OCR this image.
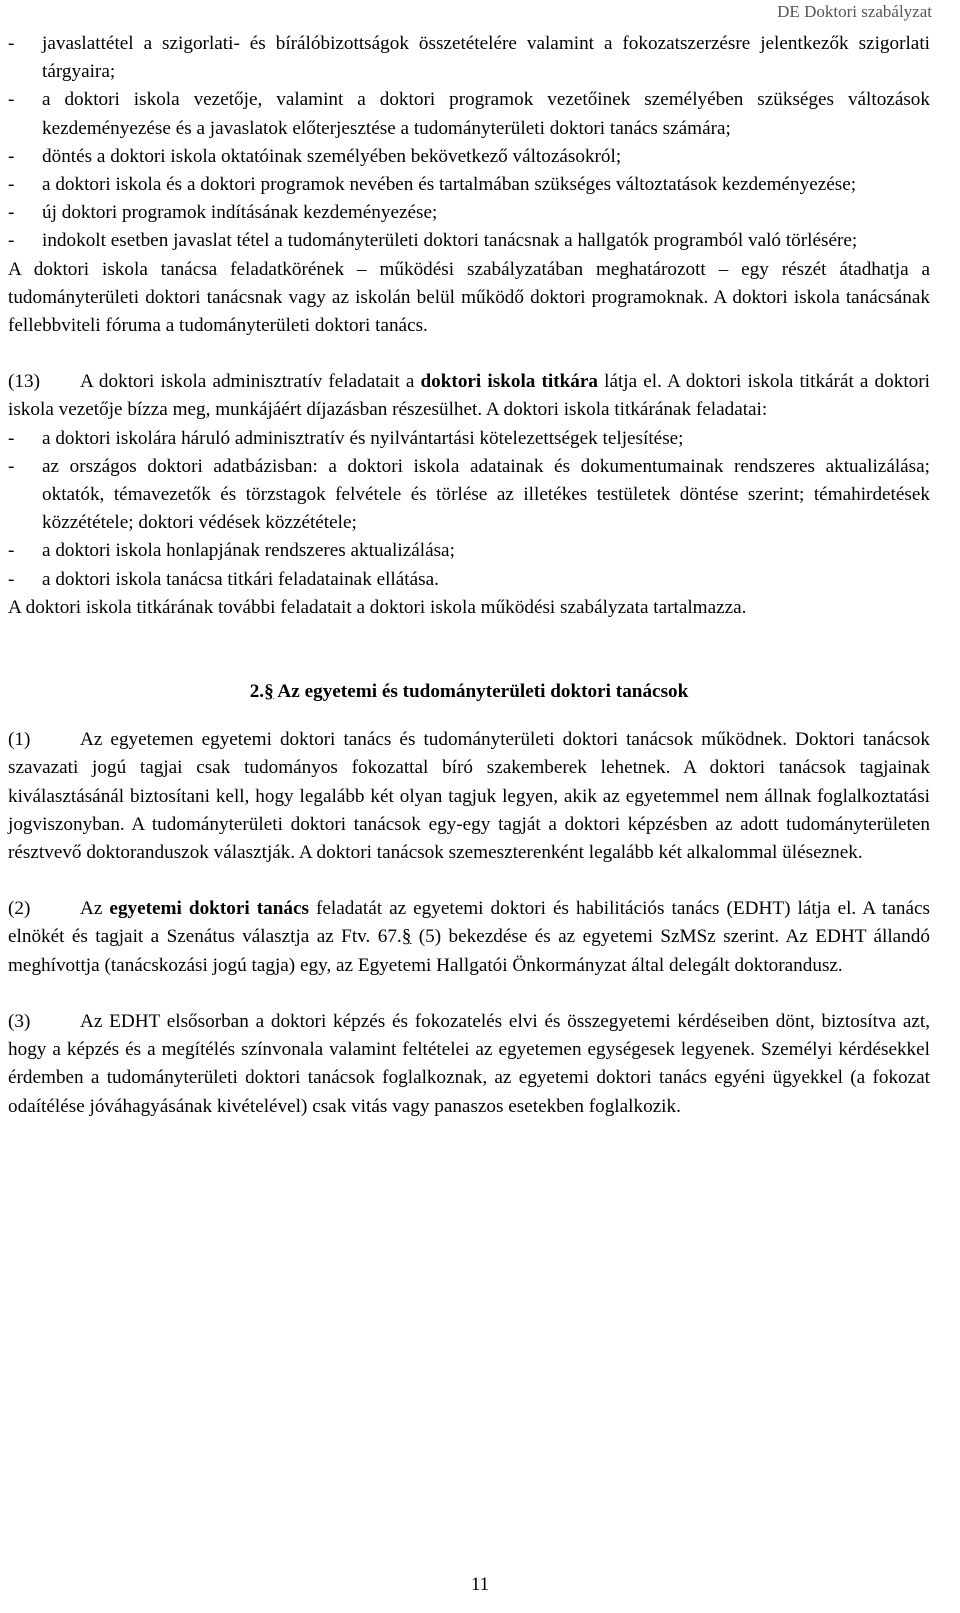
DE Doktori szabályzat
-	javaslattétel a szigorlati- és bírálóbizottságok összetételére valamint a fokozatszerzésre jelentkezők szigorlati tárgyaira;
-	a doktori iskola vezetője, valamint a doktori programok vezetőinek személyében szükséges változások kezdeményezése és a javaslatok előterjesztése a tudományterületi doktori tanács számára;
-	döntés a doktori iskola oktatóinak személyében bekövetkező változásokról;
-	a doktori iskola és a doktori programok nevében és tartalmában szükséges változtatások kezdeményezése;
-	új doktori programok indításának kezdeményezése;
-	indokolt esetben javaslat tétel a tudományterületi doktori tanácsnak a hallgatók programból való törlésére;

A doktori iskola tanácsa feladatkörének – működési szabályzatában meghatározott – egy részét átadhatja a tudományterületi doktori tanácsnak vagy az iskolán belül működő doktori programoknak. A doktori iskola tanácsának fellebbviteli fóruma a tudományterületi doktori tanács.

(13) A doktori iskola adminisztratív feladatait a doktori iskola titkára látja el. A doktori iskola titkárát a doktori iskola vezetője bízza meg, munkájáért díjazásban részesülhet. A doktori iskola titkárának feladatai:

-	a doktori iskolára háruló adminisztratív és nyilvántartási kötelezettségek teljesítése;
-	az országos doktori adatbázisban: a doktori iskola adatainak és dokumentumainak rendszeres aktualizálása; oktatók, témavezetők és törzstagok felvétele és törlése az illetékes testületek döntése szerint; témahirdetések közzététele; doktori védések közzététele;
-	a doktori iskola honlapjának rendszeres aktualizálása;
-	a doktori iskola tanácsa titkári feladatainak ellátása.

A doktori iskola titkárának további feladatait a doktori iskola működési szabályzata tartalmazza.

2.§ Az egyetemi és tudományterületi doktori tanácsok

(1)	Az egyetemen egyetemi doktori tanács és tudományterületi doktori tanácsok működnek. Doktori tanácsok szavazati jogú tagjai csak tudományos fokozattal bíró szakemberek lehetnek. A doktori tanácsok tagjainak kiválasztásánál biztosítani kell, hogy legalább két olyan tagjuk legyen, akik az egyetemmel nem állnak foglalkoztatási jogviszonyban. A tudományterületi doktori tanácsok egy-egy tagját a doktori képzésben az adott tudományterületen résztvevő doktoranduszok választják. A doktori tanácsok szemeszterenként legalább két alkalommal üléseznek.

(2)	Az egyetemi doktori tanács feladatát az egyetemi doktori és habilitációs tanács (EDHT) látja el. A tanács elnökét és tagjait a Szenátus választja az Ftv. 67.§ (5) bekezdése és az egyetemi SzMSz szerint. Az EDHT állandó meghívottja (tanácskozási jogú tagja) egy, az Egyetemi Hallgatói Önkormányzat által delegált doktorandusz.

(3)	Az EDHT elsősorban a doktori képzés és fokozatelés elvi és összegyetemi kérdéseiben dönt, biztosítva azt, hogy a képzés és a megítélés színvonala valamint feltételei az egyetemen egységesek legyenek. Személyi kérdésekkel érdemben a tudományterületi doktori tanácsok foglalkoznak, az egyetemi doktori tanács egyéni ügyekkel (a fokozat odaítélése jóváhagyásának kivételével) csak vitás vagy panaszos esetekben foglalkozik.

11
